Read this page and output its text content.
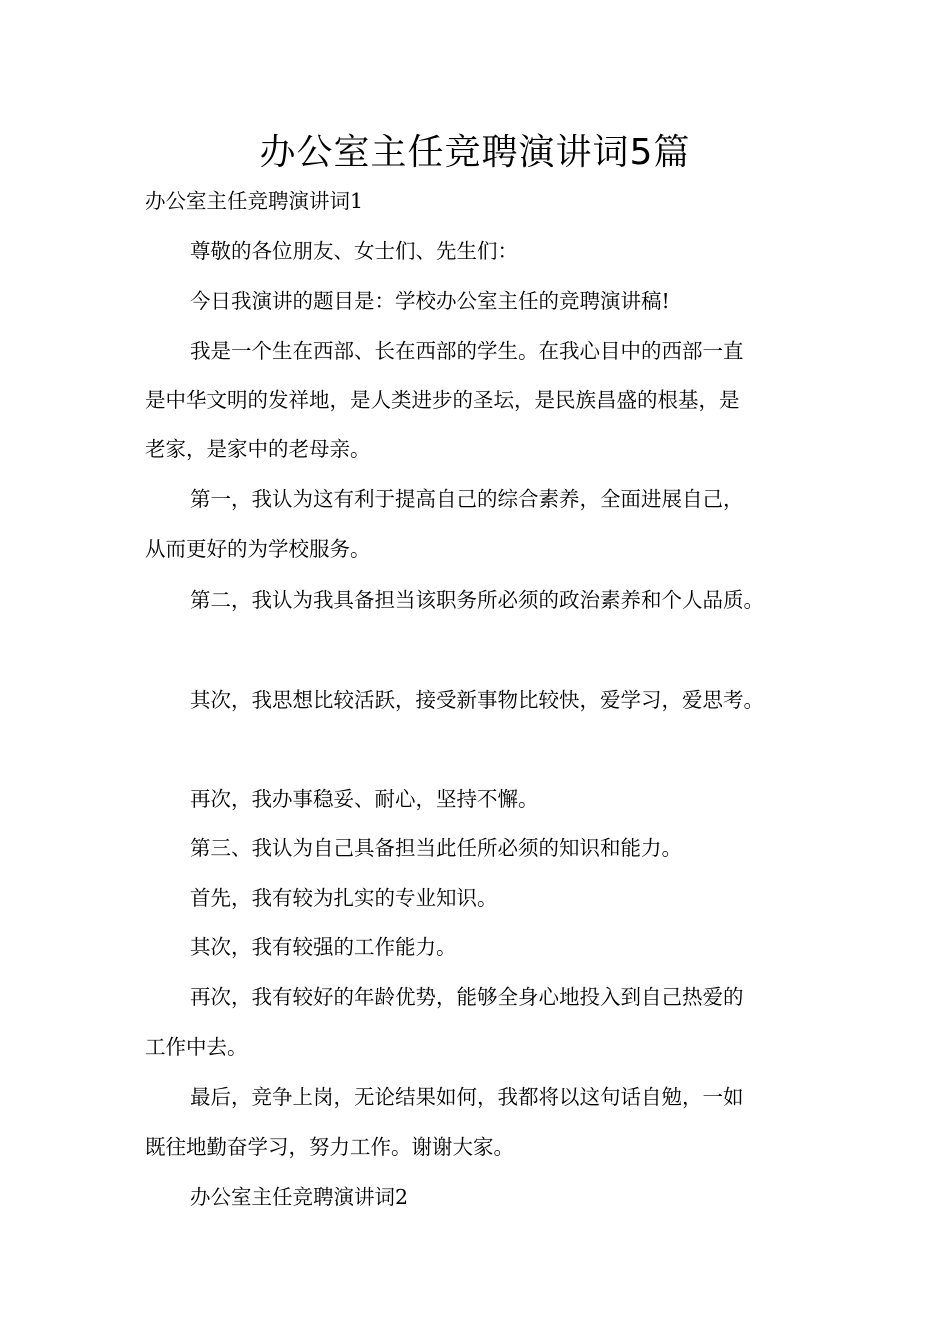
办公室主任竞聘演讲词5篇

办公室主任竞聘演讲词1

尊敬的各位朋友、女士们、先生们：

今日我演讲的题目是：学校办公室主任的竞聘演讲稿!

我是一个生在西部、长在西部的学生。在我心目中的西部一直

是中华文明的发祥地，是人类进步的圣坛，是民族昌盛的根基，是

老家，是家中的老母亲。

第一，我认为这有利于提高自己的综合素养，全面进展自己，

从而更好的为学校服务。

第二，我认为我具备担当该职务所必须的政治素养和个人品质。

其次，我思想比较活跃，接受新事物比较快，爱学习，爱思考。

再次，我办事稳妥、耐心，坚持不懈。

第三、我认为自己具备担当此任所必须的知识和能力。

首先，我有较为扎实的专业知识。

其次，我有较强的工作能力。

再次，我有较好的年龄优势，能够全身心地投入到自己热爱的

工作中去。

最后，竞争上岗，无论结果如何，我都将以这句话自勉，一如

既往地勤奋学习，努力工作。谢谢大家。

办公室主任竞聘演讲词2
